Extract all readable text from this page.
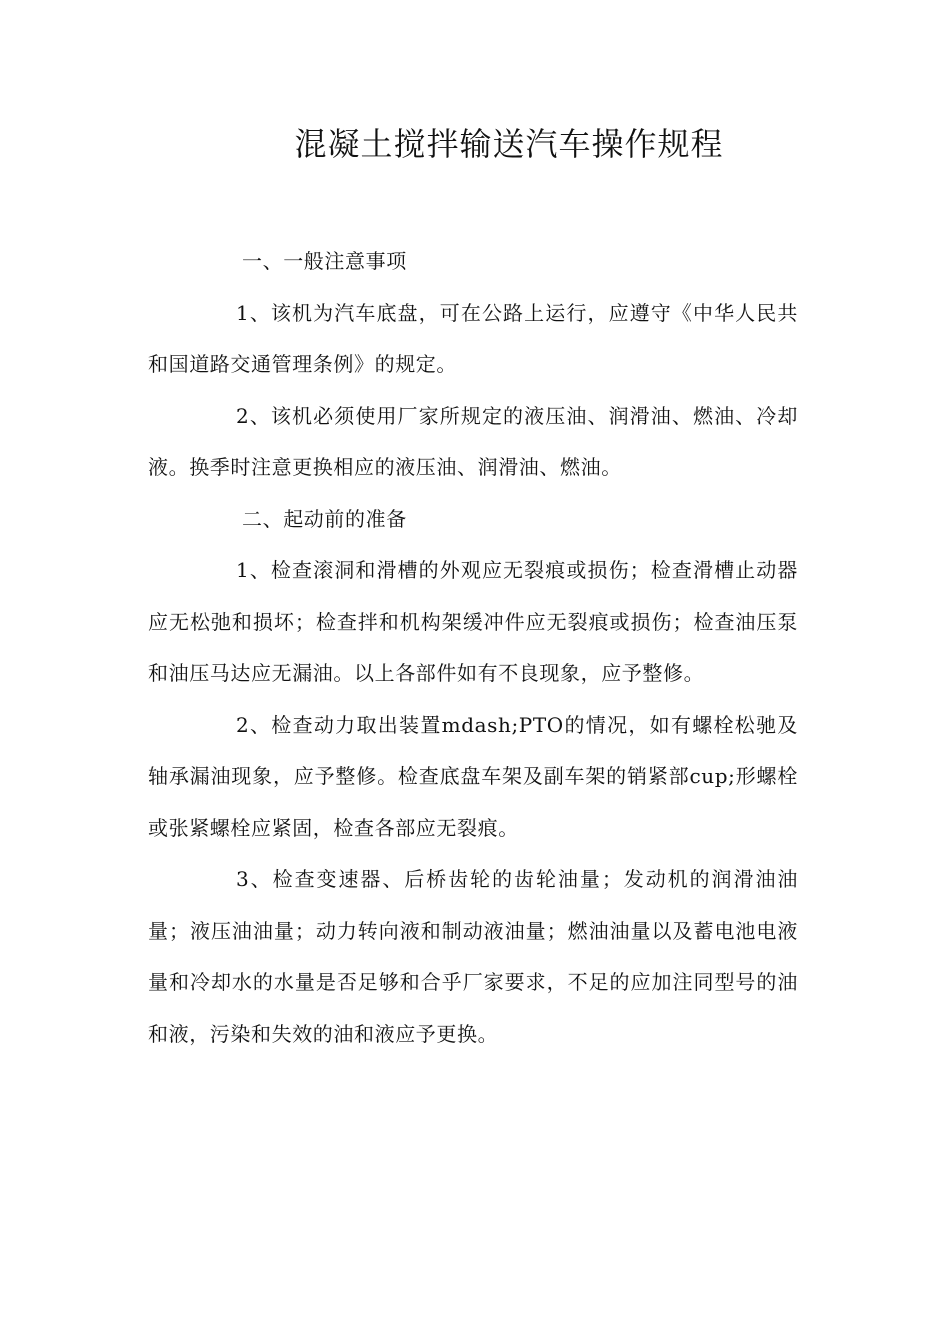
混凝土搅拌输送汽车操作规程

一、一般注意事项

1、该机为汽车底盘，可在公路上运行，应遵守《中华人民共和国道路交通管理条例》的规定。

2、该机必须使用厂家所规定的液压油、润滑油、燃油、冷却液。换季时注意更换相应的液压油、润滑油、燃油。

二、起动前的准备

1、检查滚洞和滑槽的外观应无裂痕或损伤；检查滑槽止动器应无松弛和损坏；检查拌和机构架缓冲件应无裂痕或损伤；检查油压泵和油压马达应无漏油。以上各部件如有不良现象，应予整修。

2、检查动力取出装置mdash;PTO的情况，如有螺栓松驰及轴承漏油现象，应予整修。检查底盘车架及副车架的销紧部cup;形螺栓或张紧螺栓应紧固，检查各部应无裂痕。

3、检查变速器、后桥齿轮的齿轮油量；发动机的润滑油油量；液压油油量；动力转向液和制动液油量；燃油油量以及蓄电池电液量和冷却水的水量是否足够和合乎厂家要求，不足的应加注同型号的油和液，污染和失效的油和液应予更换。
